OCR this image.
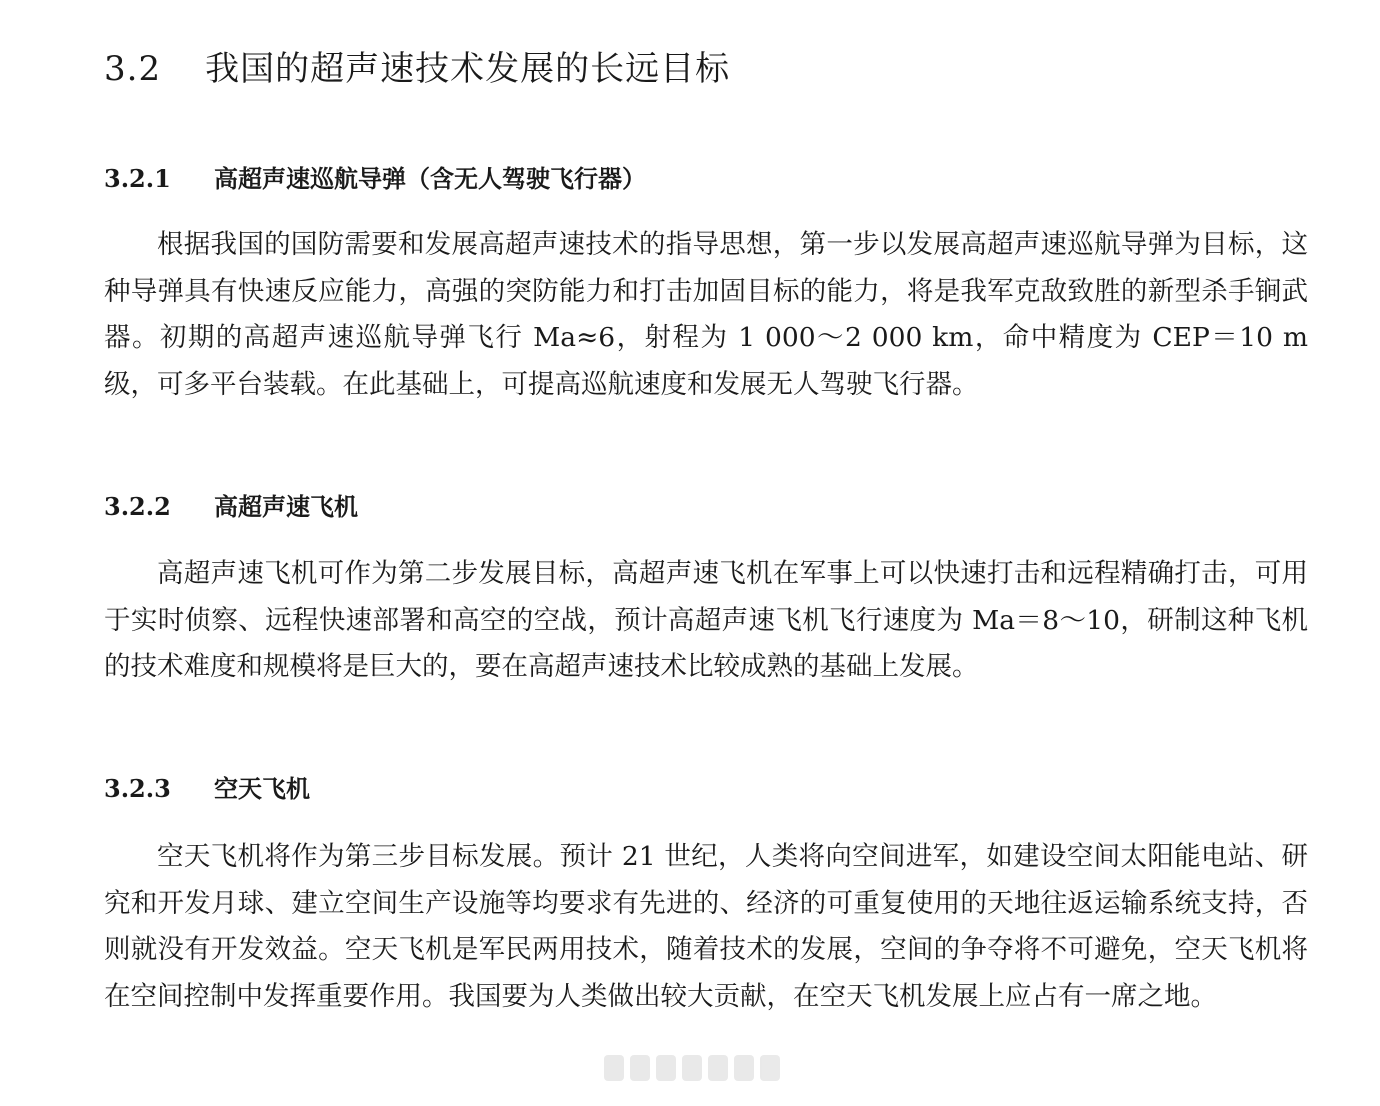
3.2 我国的超声速技术发展的长远目标
3.2.1 高超声速巡航导弹（含无人驾驶飞行器）

根据我国的国防需要和发展高超声速技术的指导思想，第一步以发展高超声速巡航导弹为目标，这种导弹具有快速反应能力，高强的突防能力和打击加固目标的能力，将是我军克敌致胜的新型杀手锏武器。初期的高超声速巡航导弹飞行 Ma≈6，射程为 1 000～2 000 km，命中精度为 CEP＝10 m 级，可多平台装载。在此基础上，可提高巡航速度和发展无人驾驶飞行器。

3.2.2 高超声速飞机

高超声速飞机可作为第二步发展目标，高超声速飞机在军事上可以快速打击和远程精确打击，可用于实时侦察、远程快速部署和高空的空战，预计高超声速飞机飞行速度为 Ma＝8～10，研制这种飞机的技术难度和规模将是巨大的，要在高超声速技术比较成熟的基础上发展。

3.2.3 空天飞机

空天飞机将作为第三步目标发展。预计 21 世纪，人类将向空间进军，如建设空间太阳能电站、研究和开发月球、建立空间生产设施等均要求有先进的、经济的可重复使用的天地往返运输系统支持，否则就没有开发效益。空天飞机是军民两用技术，随着技术的发展，空间的争夺将不可避免，空天飞机将在空间控制中发挥重要作用。我国要为人类做出较大贡献，在空天飞机发展上应占有一席之地。
